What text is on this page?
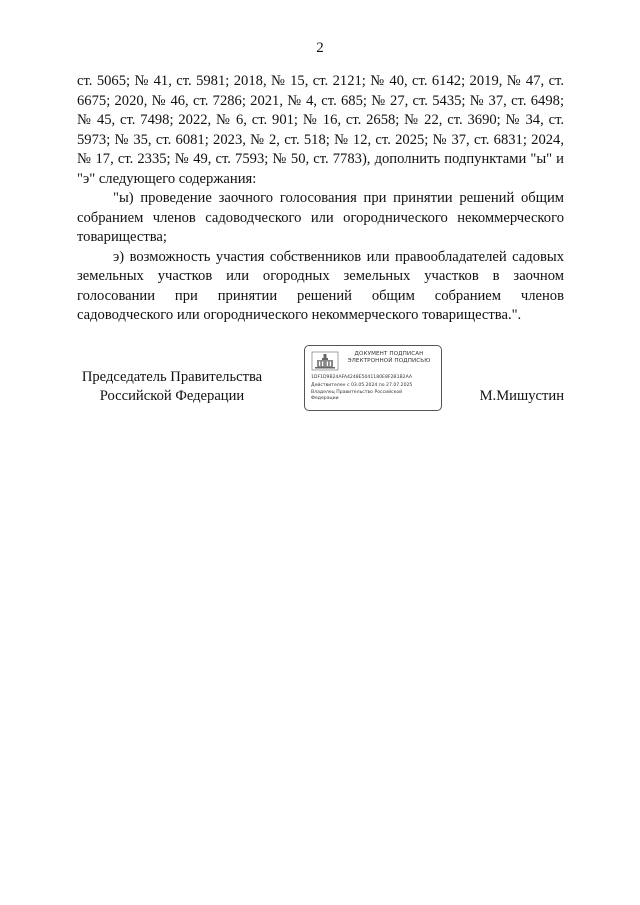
2

ст. 5065; № 41, ст. 5981; 2018, № 15, ст. 2121; № 40, ст. 6142; 2019, № 47, ст. 6675; 2020, № 46, ст. 7286; 2021, № 4, ст. 685; № 27, ст. 5435; № 37, ст. 6498; № 45, ст. 7498; 2022, № 6, ст. 901; № 16, ст. 2658; № 22, ст. 3690; № 34, ст. 5973; № 35, ст. 6081; 2023, № 2, ст. 518; № 12, ст. 2025; № 37, ст. 6831; 2024, № 17, ст. 2335; № 49, ст. 7593; № 50, ст. 7783), дополнить подпунктами "ы" и "э" следующего содержания:

"ы) проведение заочного голосования при принятии решений общим собранием членов садоводческого или огороднического некоммерческого товарищества;

э) возможность участия собственников или правообладателей садовых земельных участков или огородных земельных участков в заочном голосовании при принятии решений общим собранием членов садоводческого или огороднического некоммерческого товарищества.".

Председатель Правительства
Российской Федерации
ДОКУМЕНТ ПОДПИСАН
ЭЛЕКТРОННОЙ ПОДПИСЬЮ
1DF1D9B24AFA4248E5041180E8F2B1B2AA
Действителен с 03.05.2024 по 27.07.2025
Владелец Правительство Российской
Федерации	М.Мишустин
